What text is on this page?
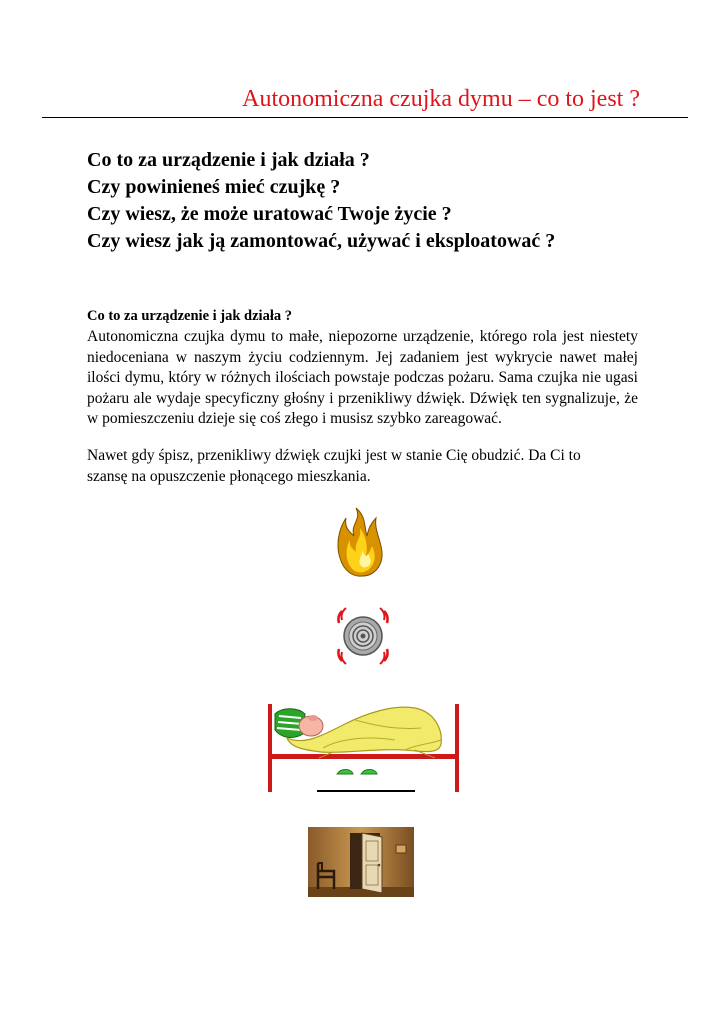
Autonomiczna czujka dymu – co to jest ?
Co to za urządzenie i jak działa ?
Czy powinieneś mieć czujkę ?
Czy wiesz, że może uratować Twoje życie ?
Czy wiesz jak ją zamontować, używać i eksploatować ?
Co to za urządzenie i jak działa ?
Autonomiczna czujka dymu to małe, niepozorne urządzenie, którego rola jest niestety niedoceniana w naszym życiu codziennym. Jej zadaniem jest wykrycie nawet małej ilości dymu, który w różnych ilościach powstaje podczas pożaru. Sama czujka nie ugasi pożaru ale wydaje specyficzny głośny i przenikliwy dźwięk. Dźwięk ten sygnalizuje, że w pomieszczeniu dzieje się coś złego i musisz szybko zareagować.
Nawet gdy śpisz, przenikliwy dźwięk czujki jest w stanie Cię obudzić. Da Ci to
szansę na opuszczenie płonącego mieszkania.
